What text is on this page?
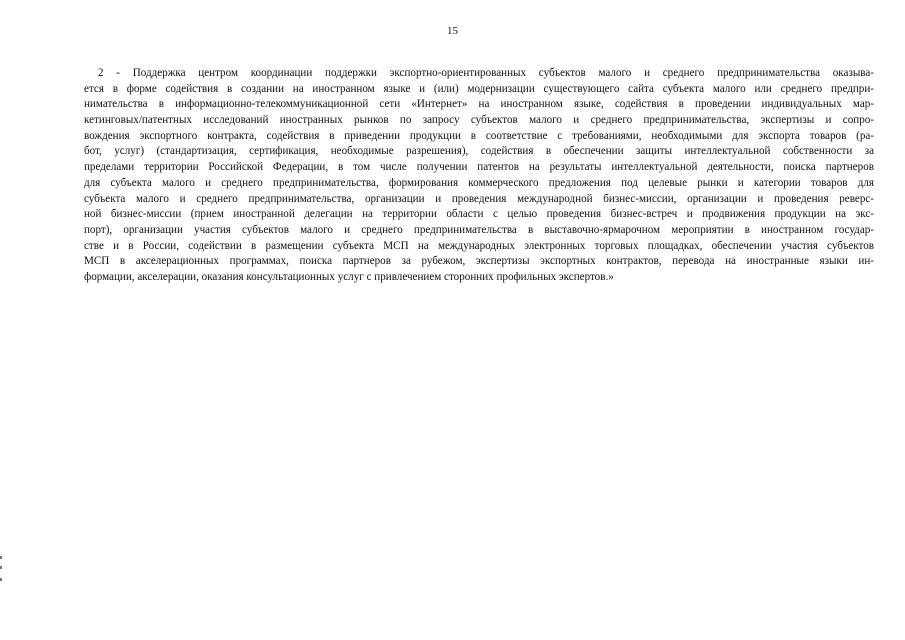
15
2 - Поддержка центром координации поддержки экспортно-ориентированных субъектов малого и среднего предпринимательства оказыва-
ется в форме содействия в создании на иностранном языке и (или) модернизации существующего сайта субъекта малого или среднего предпри-
нимательства в информационно-телекоммуникационной сети «Интернет» на иностранном языке, содействия в проведении индивидуальных мар-
кетинговых/патентных исследований иностранных рынков по запросу субъектов малого и среднего предпринимательства, экспертизы и сопро-
вождения экспортного контракта, содействия в приведении продукции в соответствие с требованиями, необходимыми для экспорта товаров (ра-
бот, услуг) (стандартизация, сертификация, необходимые разрешения), содействия в обеспечении защиты интеллектуальной собственности за
пределами территории Российской Федерации, в том числе получении патентов на результаты интеллектуальной деятельности, поиска партнеров
для субъекта малого и среднего предпринимательства, формирования коммерческого предложения под целевые рынки и категории товаров для
субъекта малого и среднего предпринимательства, организации и проведения международной бизнес-миссии, организации и проведения реверс-
ной бизнес-миссии (прием иностранной делегации на территории области с целью проведения бизнес-встреч и продвижения продукции на экс-
порт), организации участия субъектов малого и среднего предпринимательства в выставочно-ярмарочном мероприятии в иностранном государ-
стве и в России, содействии в размещении субъекта МСП на международных электронных торговых площадках, обеспечении участия субъектов
МСП в акселерационных программах, поиска партнеров за рубежом, экспертизы экспортных контрактов, перевода на иностранные языки ин-
формации, акселерации, оказания консультационных услуг с привлечением сторонних профильных экспертов.»
